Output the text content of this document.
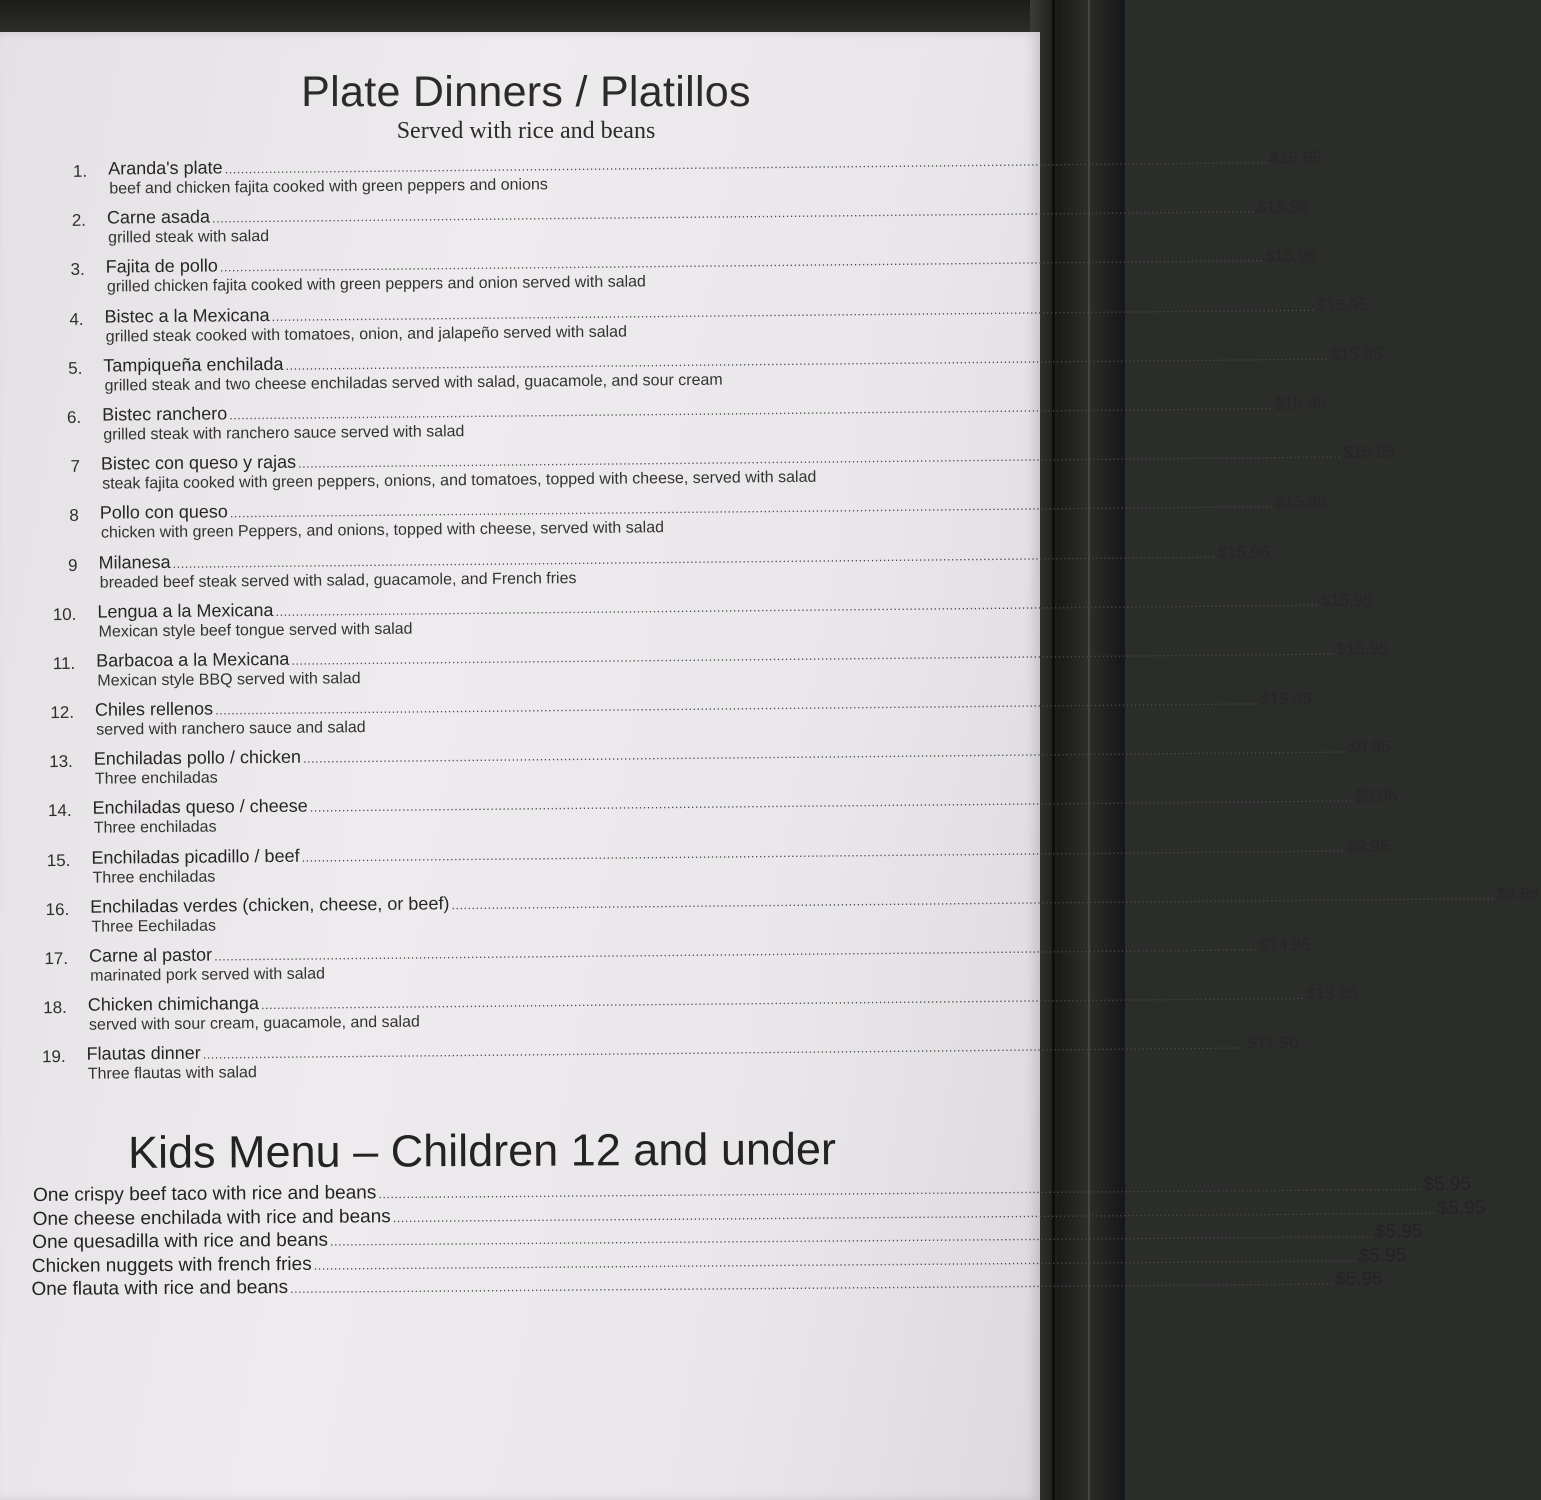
Plate Dinners / Platillos
Served with rice and beans
1. Aranda's plate .................................................................................................................................................................................................................................................................... $15.95
beef and chicken fajita cooked with green peppers and onions
2. Carne asada .................................................................................................................................................................................................................................................................... $15.95
grilled steak with salad
3. Fajita de pollo .................................................................................................................................................................................................................................................................... $15.95
grilled chicken fajita cooked with green peppers and onion served with salad
4. Bistec a la Mexicana .................................................................................................................................................................................................................................................................... $15.95
grilled steak cooked with tomatoes, onion, and jalapeño served with salad
5. Tampiqueña enchilada .................................................................................................................................................................................................................................................................... $15.95
grilled steak and two cheese enchiladas served with salad, guacamole, and sour cream
6. Bistec ranchero .................................................................................................................................................................................................................................................................... $15.95
grilled steak with ranchero sauce served with salad
7 Bistec con queso y rajas .................................................................................................................................................................................................................................................................... $15.95
steak fajita cooked with green peppers, onions, and tomatoes, topped with cheese, served with salad
8 Pollo con queso .................................................................................................................................................................................................................................................................... $15.95
chicken with green Peppers, and onions, topped with cheese, served with salad
9 Milanesa .................................................................................................................................................................................................................................................................... $15.95
breaded beef steak served with salad, guacamole, and French fries
10. Lengua a la Mexicana .................................................................................................................................................................................................................................................................... $15.95
Mexican style beef tongue served with salad
11. Barbacoa a la Mexicana .................................................................................................................................................................................................................................................................... $15.95
Mexican style BBQ served with salad
12. Chiles rellenos .................................................................................................................................................................................................................................................................... $15.95
served with ranchero sauce and salad
13. Enchiladas pollo / chicken .................................................................................................................................................................................................................................................................... $9.95
Three enchiladas
14. Enchiladas queso / cheese .................................................................................................................................................................................................................................................................... $9.95
Three enchiladas
15. Enchiladas picadillo / beef .................................................................................................................................................................................................................................................................... $9.95
Three enchiladas
16. Enchiladas verdes (chicken, cheese, or beef) .................................................................................................................................................................................................................................................................... $9.95
Three Eechiladas
17. Carne al pastor .................................................................................................................................................................................................................................................................... $14.95
marinated pork served with salad
18. Chicken chimichanga .................................................................................................................................................................................................................................................................... $13.95
served with sour cream, guacamole, and salad
19. Flautas dinner .................................................................................................................................................................................................................................................................... $11.50
Three flautas with salad
Kids Menu – Children 12 and under
One crispy beef taco with rice and beans .................................................................................................................................................................................................................................................................... $5.95
One cheese enchilada with rice and beans .................................................................................................................................................................................................................................................................... $5.95
One quesadilla with rice and beans .................................................................................................................................................................................................................................................................... $5.95
Chicken nuggets with french fries .................................................................................................................................................................................................................................................................... $5.95
One flauta with rice and beans .................................................................................................................................................................................................................................................................... $5.95
